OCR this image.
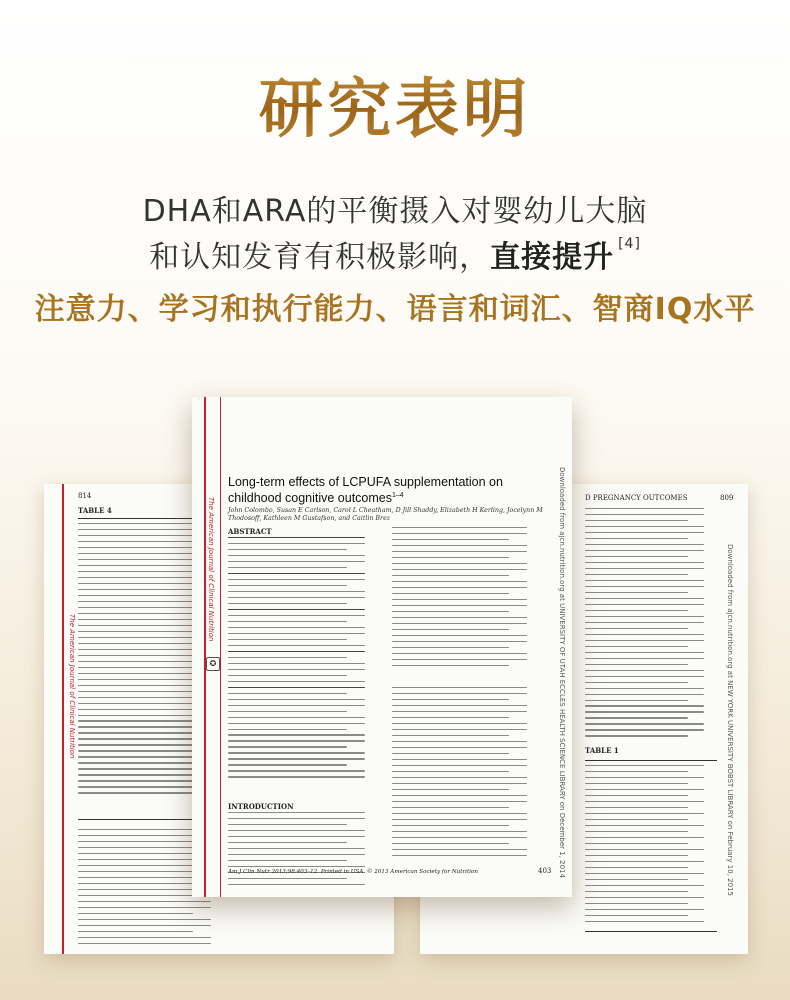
研究表明
DHA和ARA的平衡摄入对婴幼儿大脑
和认知发育有积极影响，直接提升 [4]
注意力、学习和执行能力、语言和词汇、智商IQ水平
The American Journal of Clinical Nutrition
814
TABLE 4
D PREGNANCY OUTCOMES	809
Downloaded from ajcn.nutrition.org at NEW YORK UNIVERSITY BOBST LIBRARY on February 10, 2015
TABLE 1
The American Journal of Clinical Nutrition
✪	Downloaded from ajcn.nutrition.org at UNIVERSITY OF UTAH ECCLES HEALTH SCIENCE LIBRARY on December 1, 2014
Long-term effects of LCPUFA supplementation on childhood cognitive outcomes$^{1-4}$
John Colombo, Susan E Carlson, Carol L Cheatham, D Jill Shaddy, Elizabeth H Kerling, Jocelynn M Thodosoff, Kathleen M Gustafson, and Caitlin Brez
ABSTRACT
INTRODUCTION
Am J Clin Nutr 2013;98:403–12. Printed in USA. © 2013 American Society for Nutrition	403
